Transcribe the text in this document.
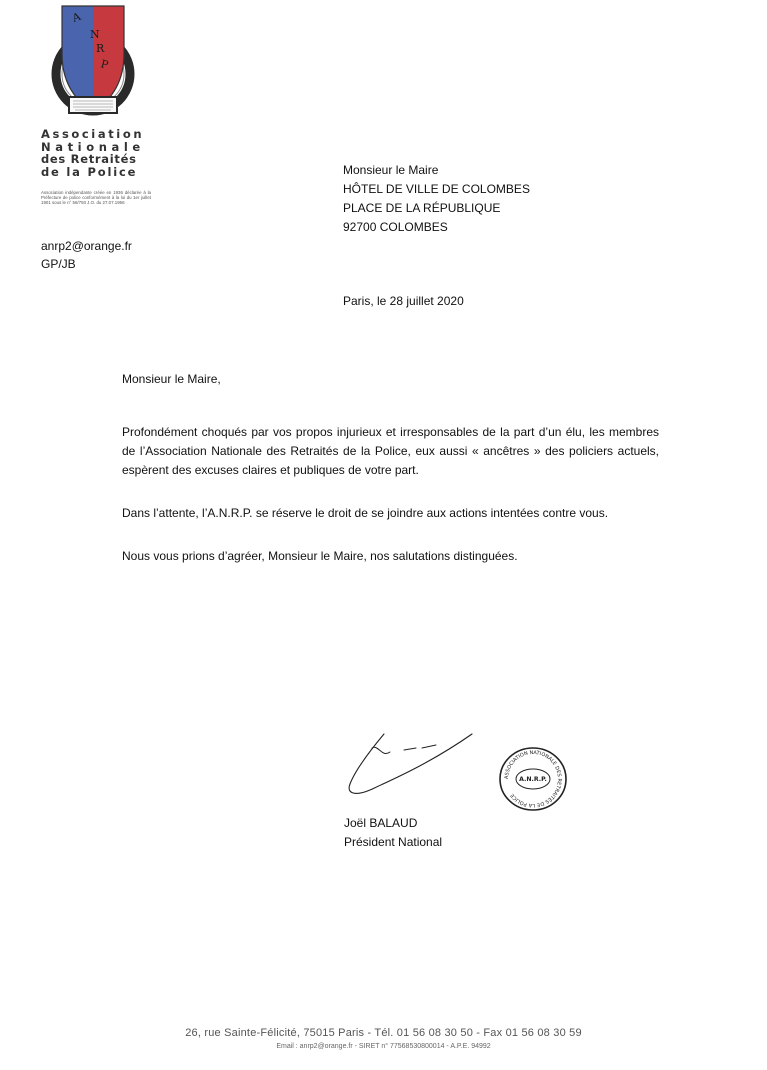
A
N
R
P
Association
Nationale
des Retraités
de la Police
Association indépendante créée en 1936 déclarée à la Préfecture de police conformément à la loi du 1er juillet 1901 sous le n° 56/793 J.O. du 27.07.1956
anrp2@orange.fr
GP/JB
Monsieur le Maire
HÔTEL DE VILLE DE COLOMBES
PLACE DE LA RÉPUBLIQUE
92700 COLOMBES
Paris, le 28 juillet 2020

Monsieur le Maire,

Profondément choqués par vos propos injurieux et irresponsables de la part d’un élu, les membres de l’Association Nationale des Retraités de la Police, eux aussi « ancêtres » des policiers actuels, espèrent des excuses claires et publiques de votre part.

Dans l’attente, l’A.N.R.P. se réserve le droit de se joindre aux actions intentées contre vous.

Nous vous prions d’agréer, Monsieur le Maire, nos salutations distinguées.

ASSOCIATION NATIONALE DES RETRAITÉS DE LA POLICE
A.N.R.P.
Joël BALAUD
Président National
26, rue Sainte-Félicité, 75015 Paris - Tél. 01 56 08 30 50 - Fax 01 56 08 30 59
Email : anrp2@orange.fr - SIRET n° 77568530800014 - A.P.E. 94992
